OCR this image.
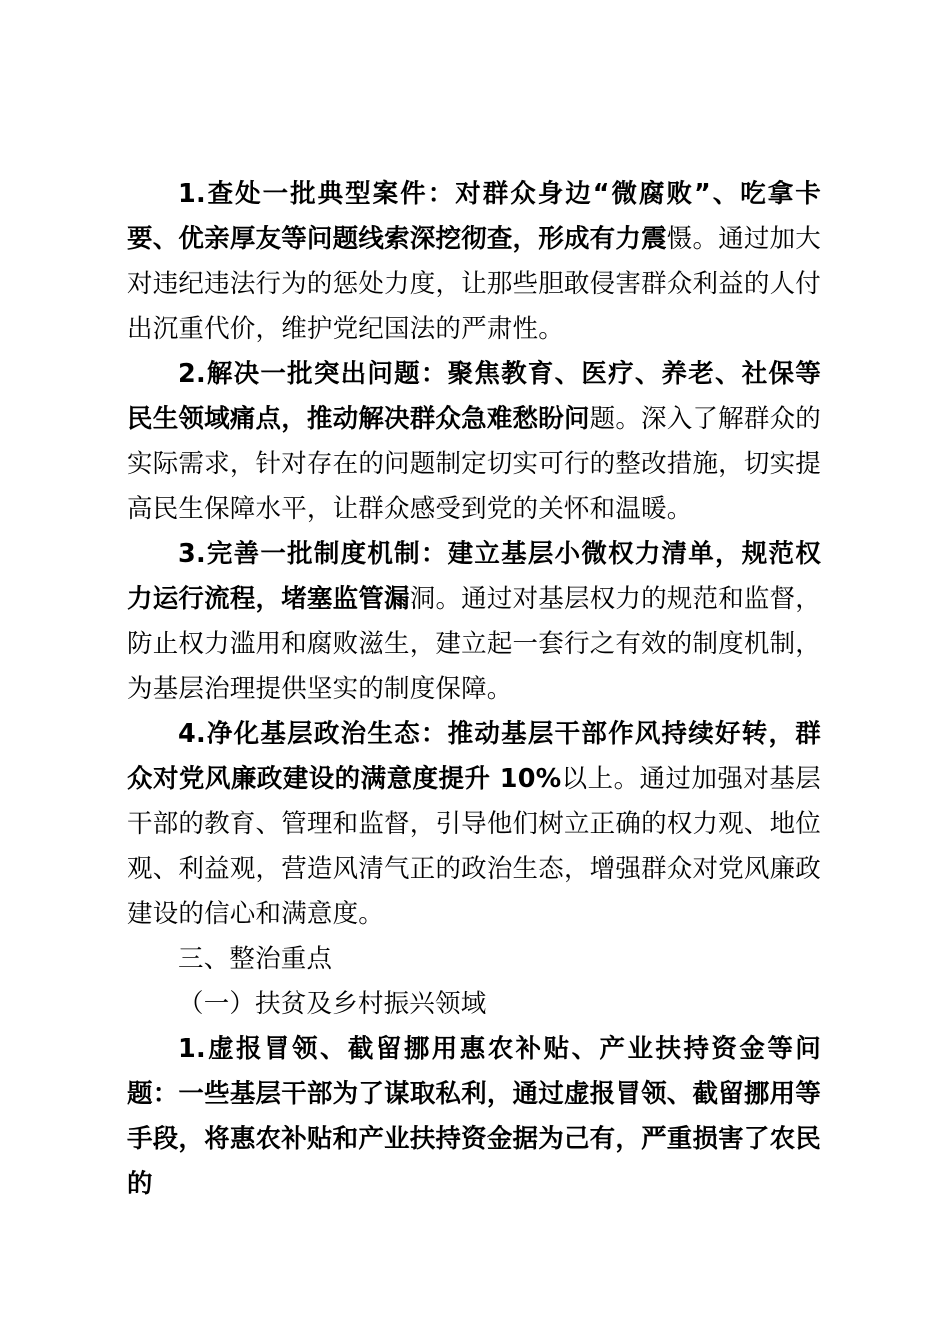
1.查处一批典型案件：对群众身边“微腐败”、吃拿卡要、优亲厚友等问题线索深挖彻查，形成有力震慑。通过加大对违纪违法行为的惩处力度，让那些胆敢侵害群众利益的人付出沉重代价，维护党纪国法的严肃性。

2.解决一批突出问题：聚焦教育、医疗、养老、社保等民生领域痛点，推动解决群众急难愁盼问题。深入了解群众的实际需求，针对存在的问题制定切实可行的整改措施，切实提高民生保障水平，让群众感受到党的关怀和温暖。

3.完善一批制度机制：建立基层小微权力清单，规范权力运行流程，堵塞监管漏洞。通过对基层权力的规范和监督，防止权力滥用和腐败滋生，建立起一套行之有效的制度机制，为基层治理提供坚实的制度保障。

4.净化基层政治生态：推动基层干部作风持续好转，群众对党风廉政建设的满意度提升 10%以上。通过加强对基层干部的教育、管理和监督，引导他们树立正确的权力观、地位观、利益观，营造风清气正的政治生态，增强群众对党风廉政建设的信心和满意度。

三、整治重点

（一）扶贫及乡村振兴领域

1.虚报冒领、截留挪用惠农补贴、产业扶持资金等问题：一些基层干部为了谋取私利，通过虚报冒领、截留挪用等手段，将惠农补贴和产业扶持资金据为己有，严重损害了农民的
